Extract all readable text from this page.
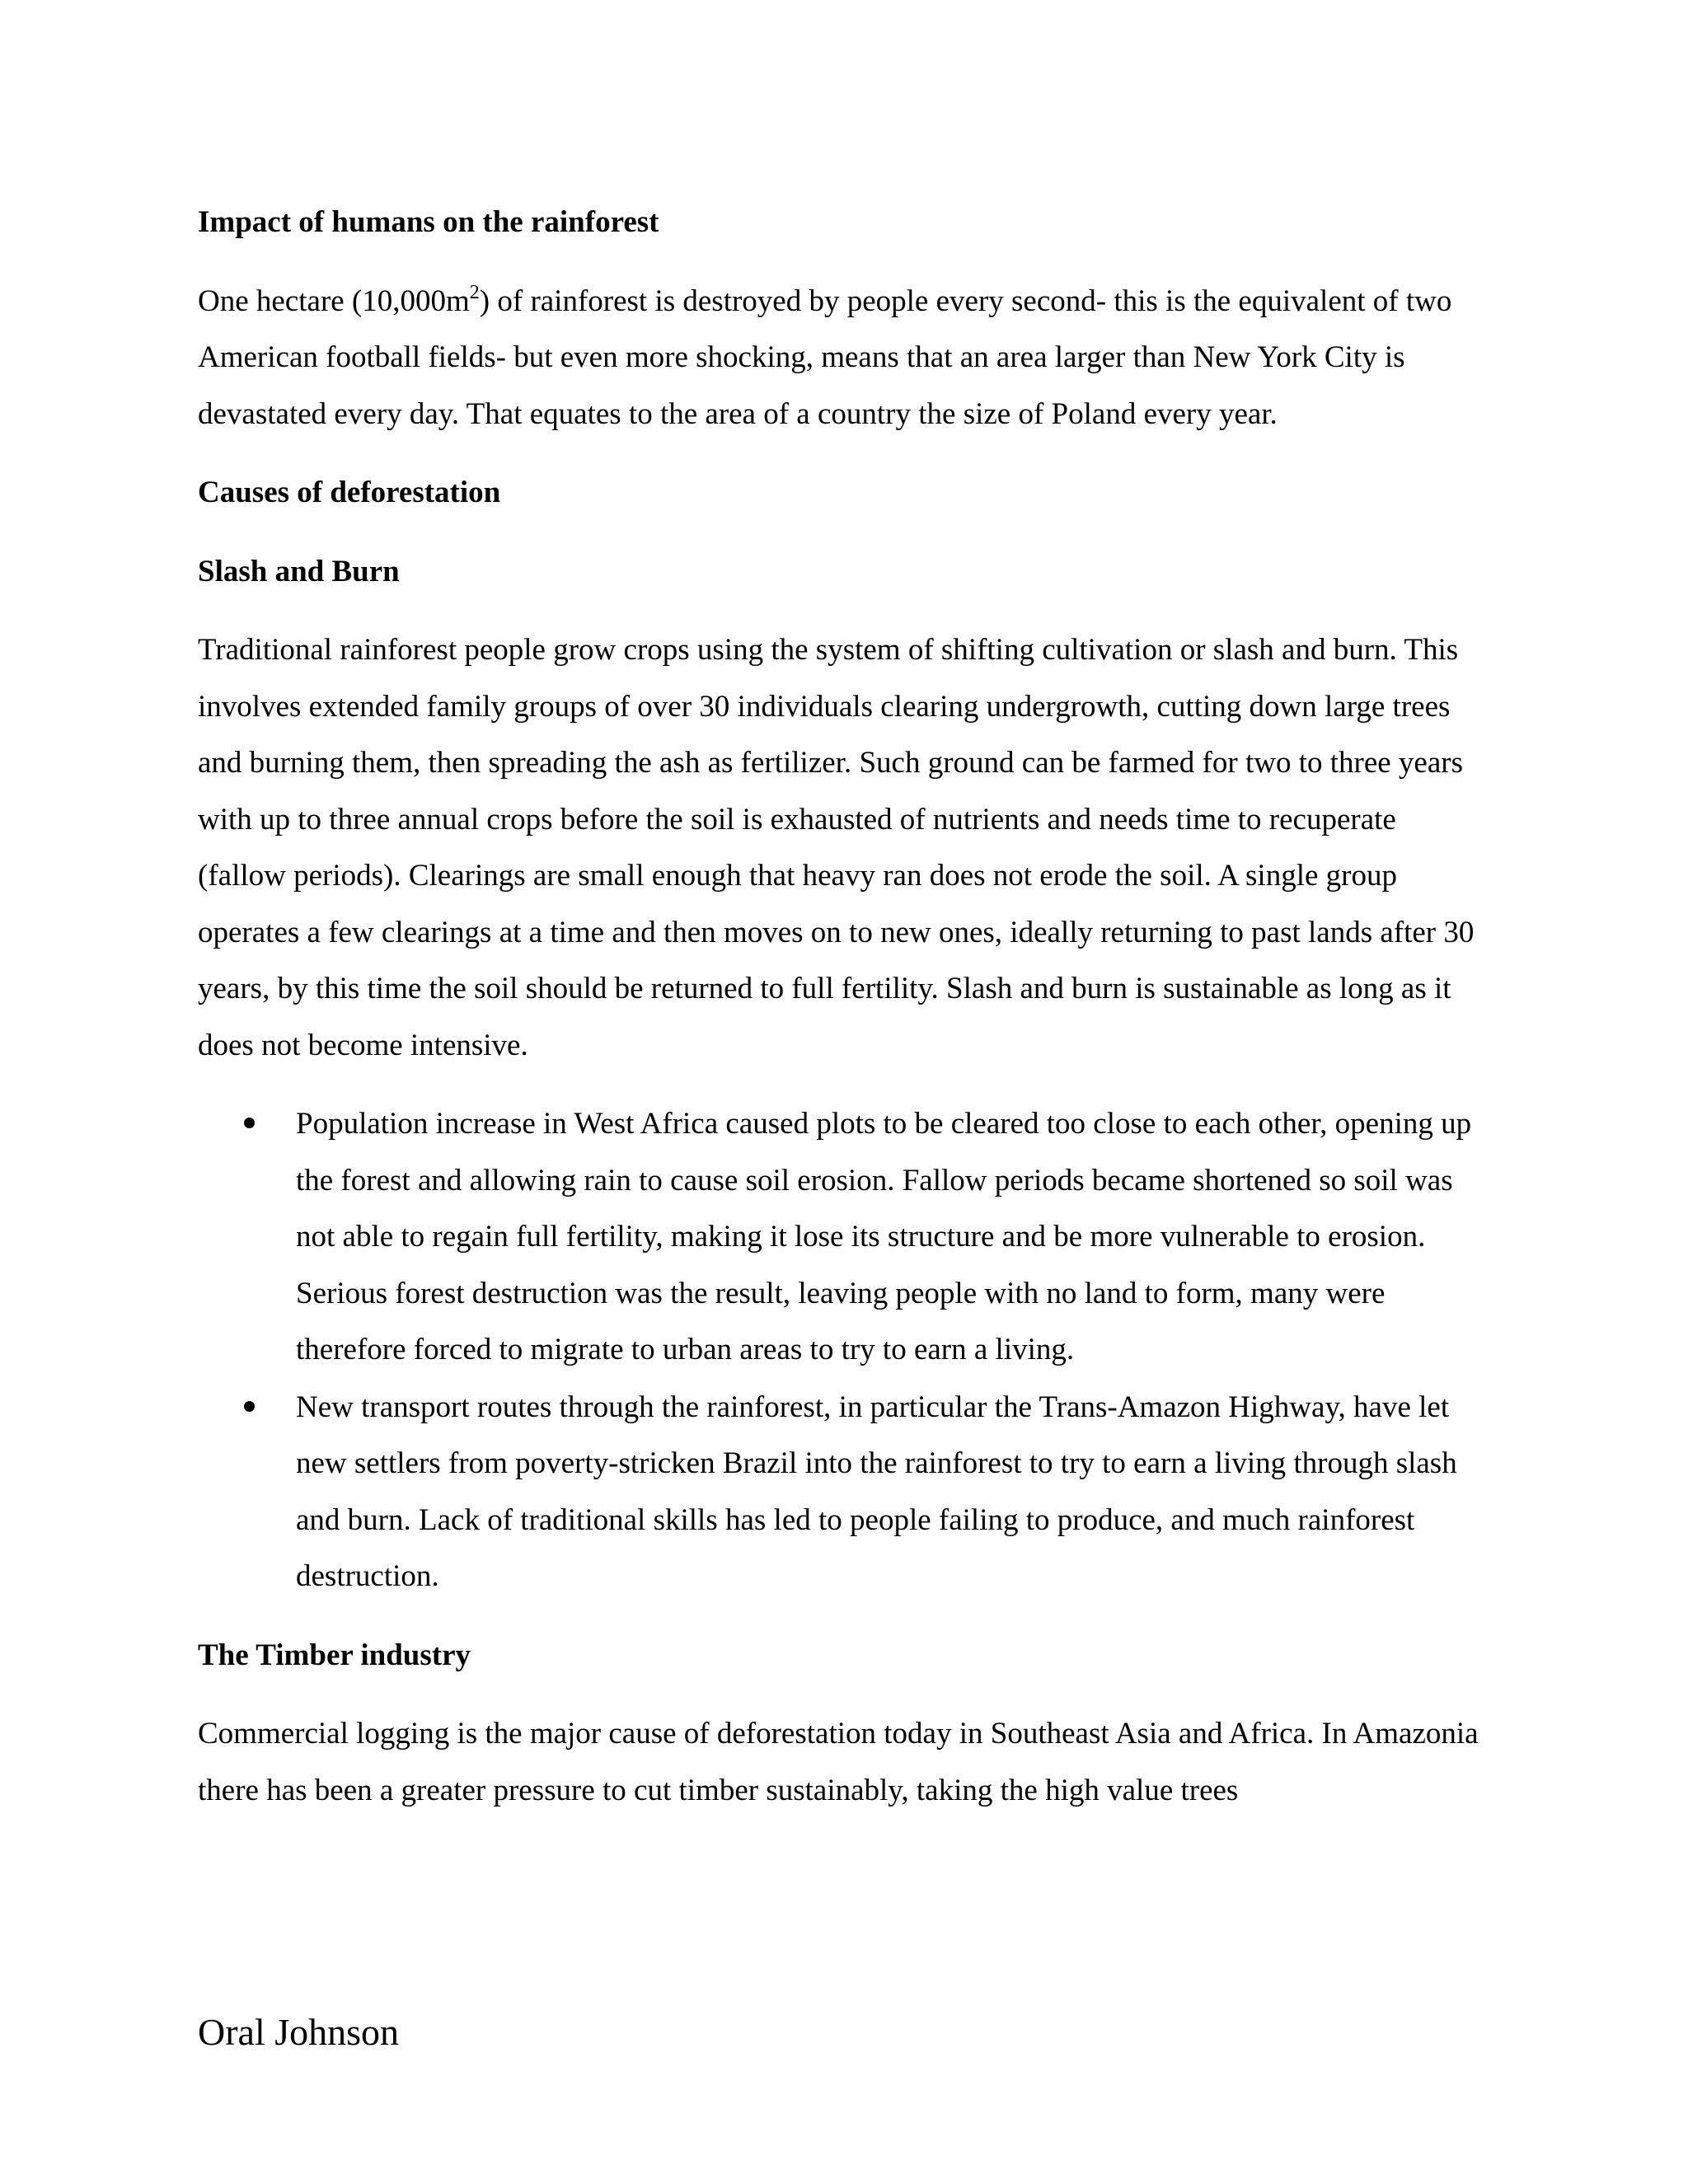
Impact of humans on the rainforest
One hectare $(10,000m^2)$ of rainforest is destroyed by people every second- this is the equivalent of two American football fields- but even more shocking, means that an area larger than New York City is devastated every day. That equates to the area of a country the size of Poland every year.
Causes of deforestation
Slash and Burn
Traditional rainforest people grow crops using the system of shifting cultivation or slash and burn. This involves extended family groups of over 30 individuals clearing undergrowth, cutting down large trees and burning them, then spreading the ash as fertilizer. Such ground can be farmed for two to three years with up to three annual crops before the soil is exhausted of nutrients and needs time to recuperate (fallow periods). Clearings are small enough that heavy ran does not erode the soil. A single group operates a few clearings at a time and then moves on to new ones, ideally returning to past lands after 30 years, by this time the soil should be returned to full fertility. Slash and burn is sustainable as long as it does not become intensive.
Population increase in West Africa caused plots to be cleared too close to each other, opening up the forest and allowing rain to cause soil erosion. Fallow periods became shortened so soil was not able to regain full fertility, making it lose its structure and be more vulnerable to erosion. Serious forest destruction was the result, leaving people with no land to form, many were therefore forced to migrate to urban areas to try to earn a living.
New transport routes through the rainforest, in particular the Trans-Amazon Highway, have let new settlers from poverty-stricken Brazil into the rainforest to try to earn a living through slash and burn. Lack of traditional skills has led to people failing to produce, and much rainforest destruction.
The Timber industry
Commercial logging is the major cause of deforestation today in Southeast Asia and Africa. In Amazonia there has been a greater pressure to cut timber sustainably, taking the high value trees
Oral Johnson
